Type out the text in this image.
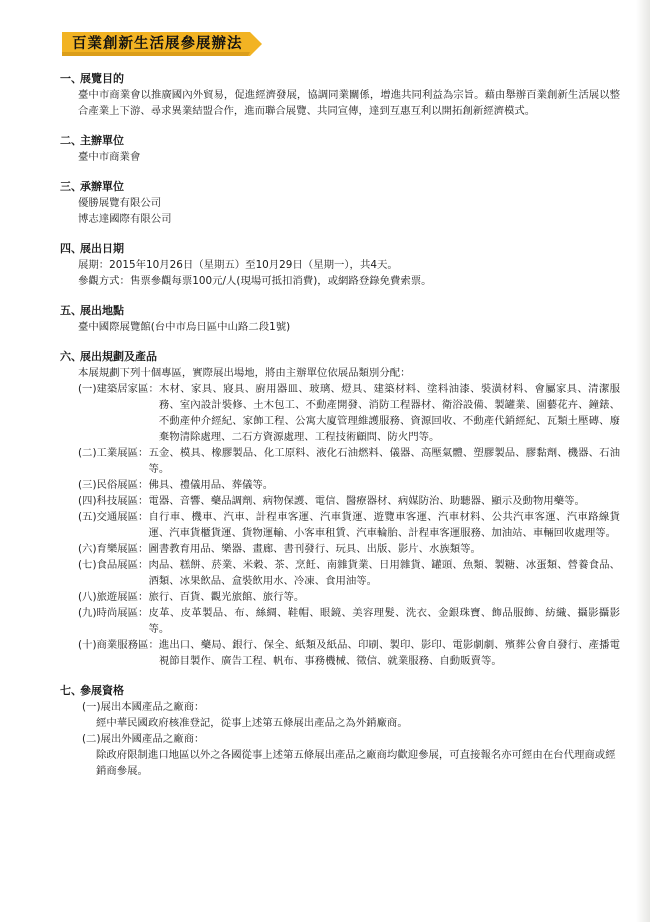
百業創新生活展參展辦法
一、展覽目的
臺中市商業會以推廣國內外貿易，促進經濟發展，協調同業關係，增進共同利益為宗旨。藉由舉辦百業創新生活展以整合產業上下游、尋求異業結盟合作，進而聯合展覽、共同宣傳，達到互惠互利以開拓創新經濟模式。
二、主辦單位
臺中市商業會
三、承辦單位
優勝展覽有限公司
博志達國際有限公司
四、展出日期
展期：2015年10月26日（星期五）至10月29日（星期一），共4天。
參觀方式：售票參觀每票100元/人(現場可抵扣消費)，或網路登錄免費索票。
五、展出地點
臺中國際展覽館(台中市烏日區中山路二段1號)
六、展出規劃及產品
本展規劃下列十個專區，實際展出場地，將由主辦單位依展品類別分配：
(一)建築居家區： 木材、家具、寢具、廚用器皿、玻璃、燈具、建築材料、塗料油漆、裝潢材料、會屬家具、清潔服務、室內設計裝修、土木包工、不動產開發、消防工程器材、衛浴設備、製罐業、園藝花卉、鐘錶、不動產仲介經紀、家飾工程、公寓大廈管理維護服務、資源回收、不動產代銷經紀、瓦類土壓磚、廢棄物清除處理、二石方資源處理、工程技術顧問、防火門等。
(二)工業展區： 五金、模具、橡膠製品、化工原料、液化石油燃料、儀器、高壓氣體、塑膠製品、膠黏劑、機器、石油等。
(三)民俗展區： 佛具、禮儀用品、葬儀等。
(四)科技展區： 電器、音響、藥品調劑、病物保護、電信、醫療器材、病媒防治、助聽器、顯示及動物用藥等。
(五)交通展區： 自行車、機車、汽車、計程車客運、汽車貨運、遊覽車客運、汽車材料、公共汽車客運、汽車路線貨運、汽車貨櫃貨運、貨物運輸、小客車租賃、汽車輪胎、計程車客運服務、加油站、車輛回收處理等。
(六)育樂展區： 圖書教育用品、樂器、畫廊、書刊發行、玩具、出版、影片、水族類等。
(七)食品展區： 肉品、糕餅、菸業、米穀、茶、烹飪、南雜貨業、日用雜貨、罐頭、魚類、製糖、冰蛋類、營養食品、酒類、冰果飲品、盒裝飲用水、冷凍、食用油等。
(八)旅遊展區： 旅行、百貨、觀光旅館、旅行等。
(九)時尚展區： 皮革、皮革製品、布、絲綢、鞋帽、眼鏡、美容理髮、洗衣、金銀珠寶、飾品服飾、紡織、攝影攝影等。
(十)商業服務區： 進出口、藥局、銀行、保全、紙類及紙品、印刷、製印、影印、電影劇劇、殯葬公會自發行、產播電視節目製作、廣告工程、帆布、事務機械、徵信、就業服務、自動販賣等。
七、參展資格
(一)展出本國產品之廠商：
經中華民國政府核准登記，從事上述第五條展出產品之為外銷廠商。
(二)展出外國產品之廠商：
除政府限制進口地區以外之各國從事上述第五條展出產品之廠商均歡迎參展，可直接報名亦可經由在台代理商或經銷商參展。
